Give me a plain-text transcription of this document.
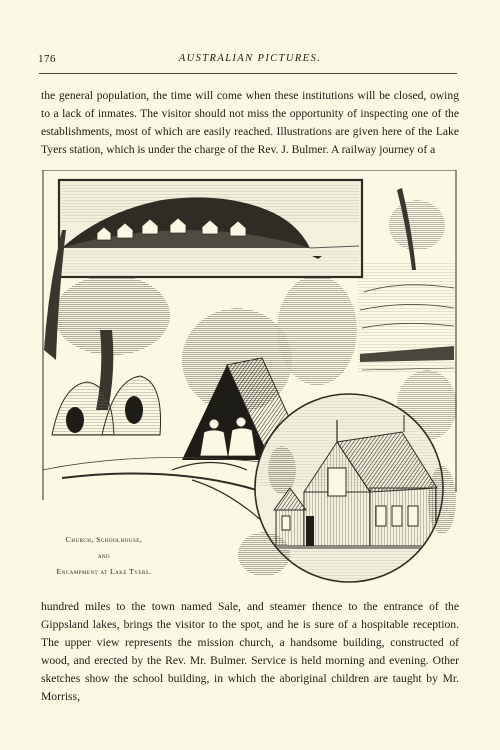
176	AUSTRALIAN PICTURES.

the general population, the time will come when these institutions will be closed, owing to a lack of inmates. The visitor should not miss the opportunity of inspecting one of the establishments, most of which are easily reached. Illustrations are given here of the Lake Tyers station, which is under the charge of the Rev. J. Bulmer. A railway journey of a

Church, Schoolhouse,
and
Encampment at Lake Tyers.

hundred miles to the town named Sale, and steamer thence to the entrance of the Gippsland lakes, brings the visitor to the spot, and he is sure of a hospitable reception. The upper view represents the mission church, a handsome building, constructed of wood, and erected by the Rev. Mr. Bulmer. Service is held morning and evening. Other sketches show the school building, in which the aboriginal children are taught by Mr. Morriss,
